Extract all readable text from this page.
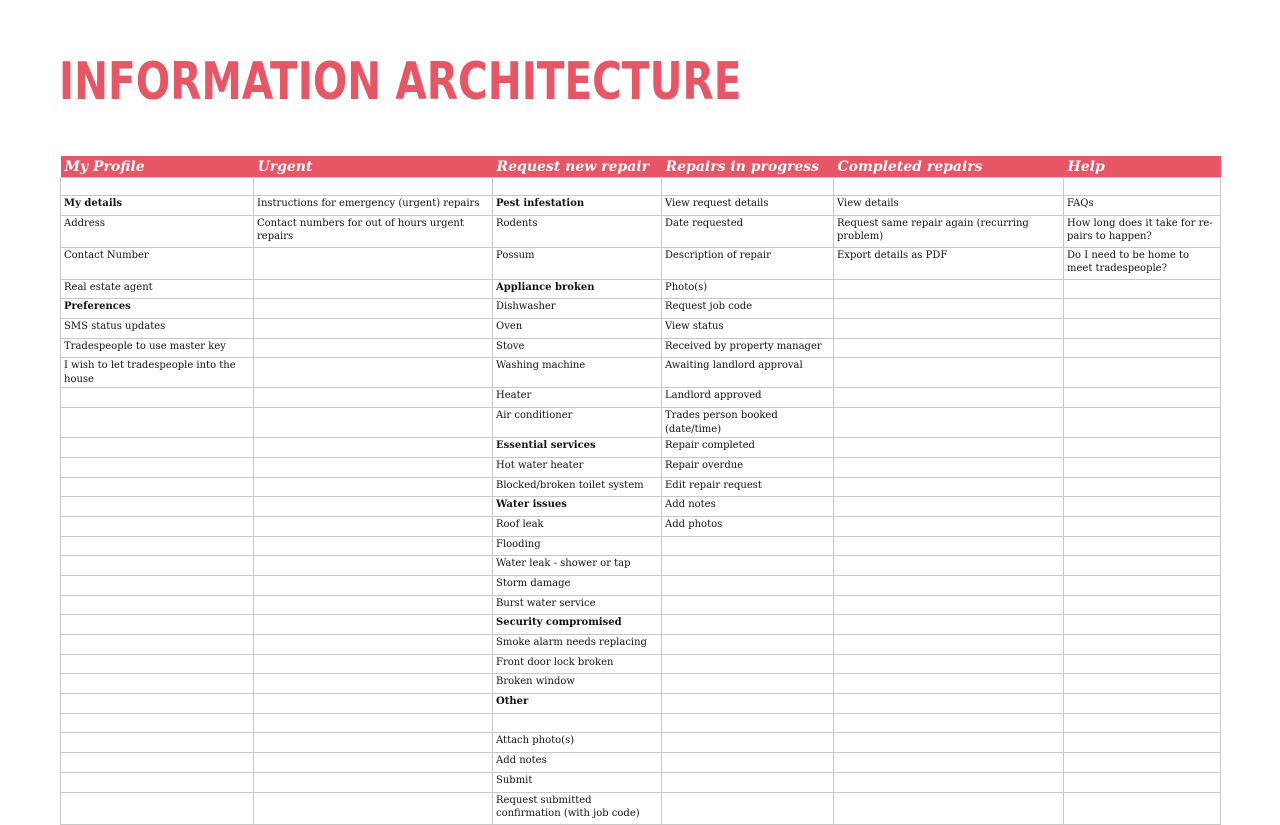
INFORMATION ARCHITECTURE
My Profile	Urgent	Request new repair	Repairs in progress	Completed repairs	Help

My details	Instructions for emergency (urgent) repairs	Pest infestation	View request details	View details	FAQs
Address	Contact numbers for out of hours urgent repairs	Rodents	Date requested	Request same repair again (recurring problem)	How long does it take for re-pairs to happen?
Contact Number		Possum	Description of repair	Export details as PDF	Do I need to be home to meet tradespeople?
Real estate agent		Appliance broken	Photo(s)		
Preferences		Dishwasher	Request job code		
SMS status updates		Oven	View status		
Tradespeople to use master key		Stove	Received by property manager		
I wish to let tradespeople into the house		Washing machine	Awaiting landlord approval		
		Heater	Landlord approved		
		Air conditioner	Trades person booked (date/time)		
		Essential services	Repair completed		
		Hot water heater	Repair overdue		
		Blocked/broken toilet system	Edit repair request		
		Water issues	Add notes		
		Roof leak	Add photos		
		Flooding			
		Water leak - shower or tap			
		Storm damage			
		Burst water service			
		Security compromised			
		Smoke alarm needs replacing			
		Front door lock broken			
		Broken window			
		Other			

		Attach photo(s)			
		Add notes			
		Submit			
		Request submitted confirmation (with job code)			
